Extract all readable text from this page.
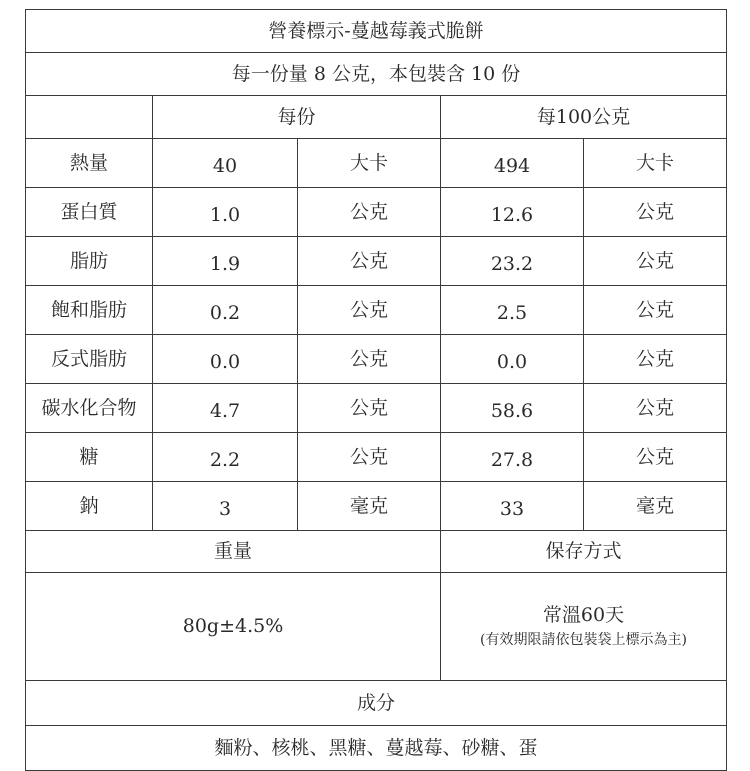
營養標示-蔓越莓義式脆餅				
每一份量 8 公克，本包裝含 10 份				
	每份		每100公克	
熱量	40	大卡	494	大卡
蛋白質	1.0	公克	12.6	公克
脂肪	1.9	公克	23.2	公克
飽和脂肪	0.2	公克	2.5	公克
反式脂肪	0.0	公克	0.0	公克
碳水化合物	4.7	公克	58.6	公克
糖	2.2	公克	27.8	公克
鈉	3	毫克	33	毫克
重量			保存方式	
80g±4.5%			常溫60天
(有效期限請依包裝袋上標示為主)	

成分				
麵粉、核桃、黑糖、蔓越莓、砂糖、蛋				
